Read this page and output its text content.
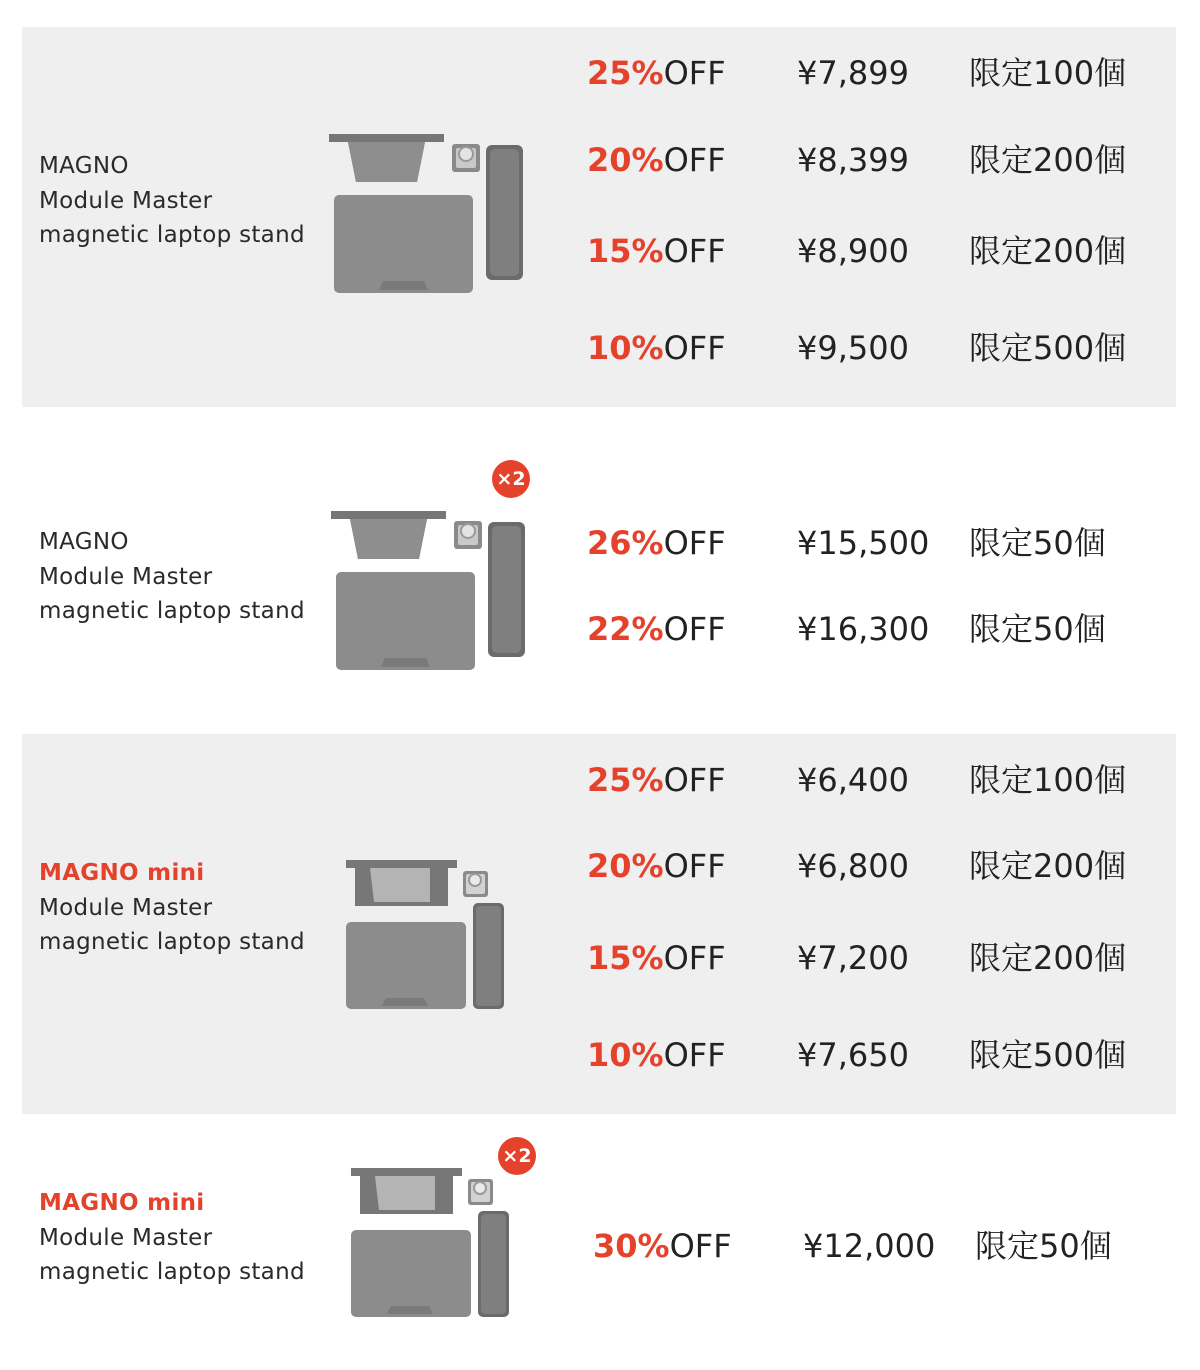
MAGNO
Module Master
magnetic laptop stand
25%OFF ¥7,899 限定100個
20%OFF ¥8,399 限定200個
15%OFF ¥8,900 限定200個
10%OFF ¥9,500 限定500個
MAGNO
Module Master
magnetic laptop stand
×2
26%OFF ¥15,500 限定50個
22%OFF ¥16,300 限定50個
MAGNO mini
Module Master
magnetic laptop stand
25%OFF ¥6,400 限定100個
20%OFF ¥6,800 限定200個
15%OFF ¥7,200 限定200個
10%OFF ¥7,650 限定500個
MAGNO mini
Module Master
magnetic laptop stand
×2
30%OFF ¥12,000 限定50個
